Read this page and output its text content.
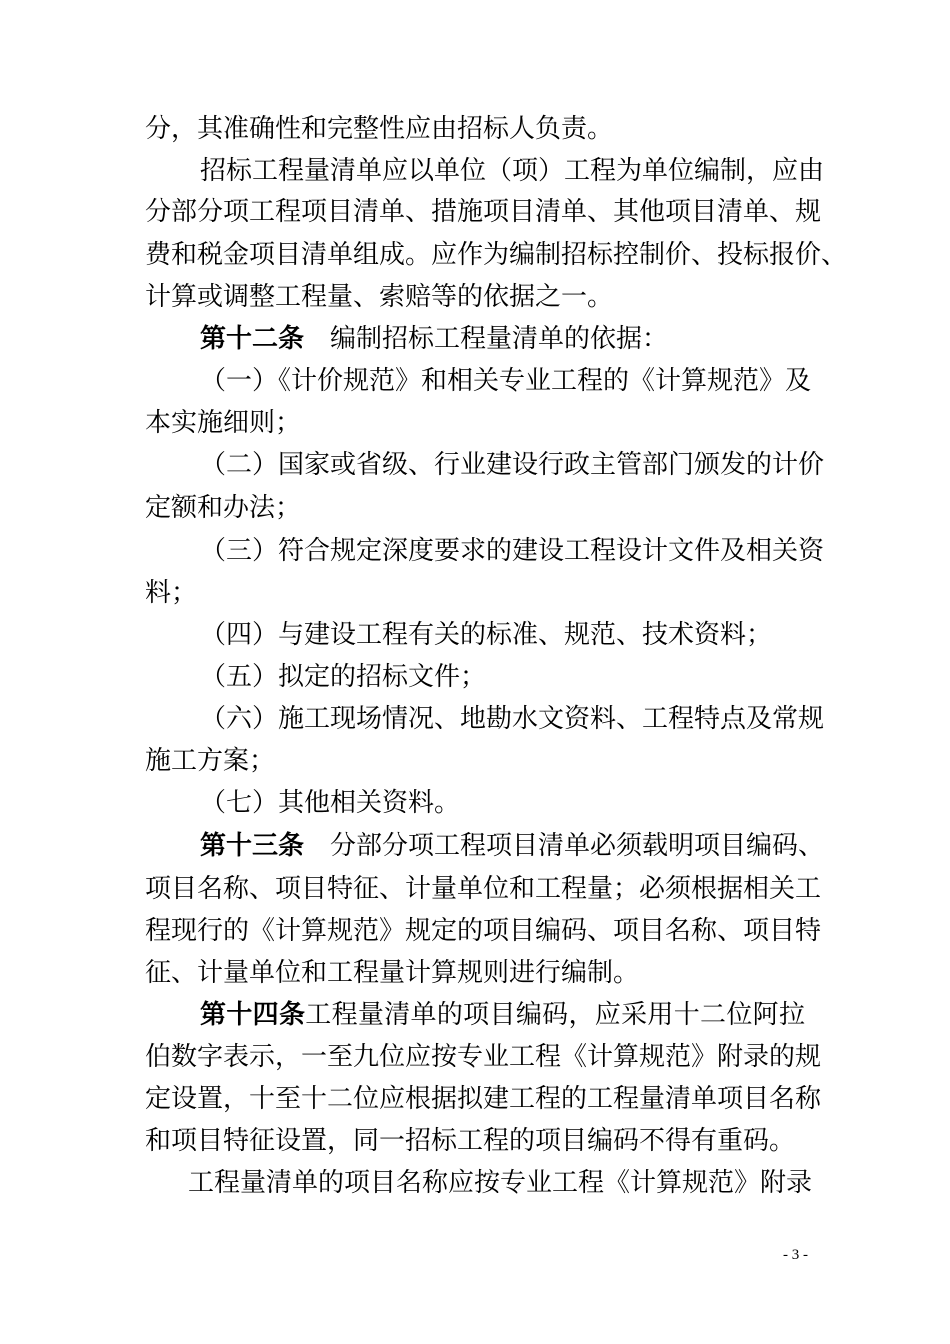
分，其准确性和完整性应由招标人负责。
招标工程量清单应以单位（项）工程为单位编制，应由
分部分项工程项目清单、措施项目清单、其他项目清单、规
费和税金项目清单组成。应作为编制招标控制价、投标报价、
计算或调整工程量、索赔等的依据之一。
第十二条　编制招标工程量清单的依据：
（一）《计价规范》和相关专业工程的《计算规范》及
本实施细则；
（二）国家或省级、行业建设行政主管部门颁发的计价
定额和办法；
（三）符合规定深度要求的建设工程设计文件及相关资
料；
（四）与建设工程有关的标准、规范、技术资料；
（五）拟定的招标文件；
（六）施工现场情况、地勘水文资料、工程特点及常规
施工方案；
（七）其他相关资料。
第十三条　分部分项工程项目清单必须载明项目编码、
项目名称、项目特征、计量单位和工程量；必须根据相关工
程现行的《计算规范》规定的项目编码、项目名称、项目特
征、计量单位和工程量计算规则进行编制。
第十四条工程量清单的项目编码，应采用十二位阿拉
伯数字表示，一至九位应按专业工程《计算规范》附录的规
定设置，十至十二位应根据拟建工程的工程量清单项目名称
和项目特征设置，同一招标工程的项目编码不得有重码。
工程量清单的项目名称应按专业工程《计算规范》附录
- 3 -
